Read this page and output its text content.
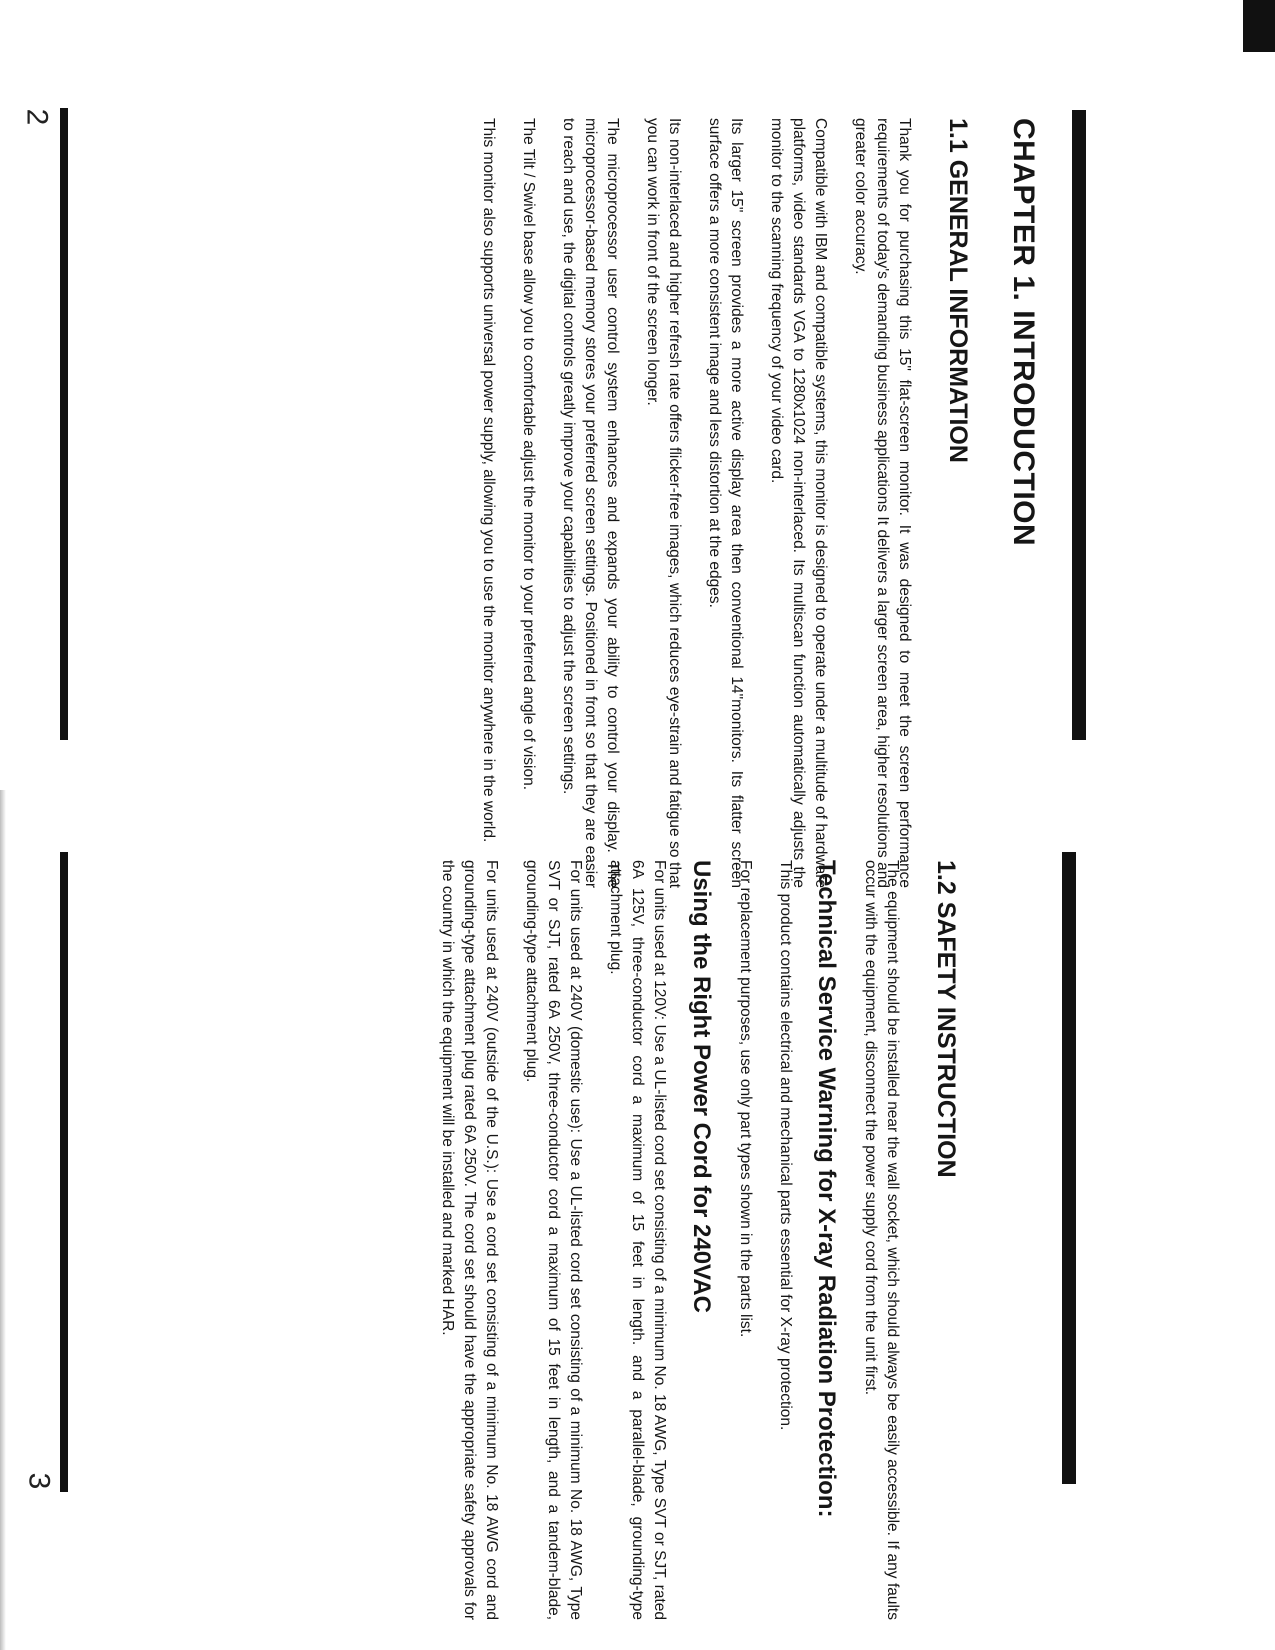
2
3
CHAPTER 1. INTRODUCTION
1.1 GENERAL INFORMATION

Thank you for purchasing this 15" flat-screen monitor. It was designed to meet the screen performance requirements of today's demanding business applications It delivers a larger screen area, higher resolutions and greater color accuracy.

Compatible with IBM and compatible systems, this monitor is designed to operate under a multitude of hardware platforms, video standards VGA to 1280x1024 non-interlaced. Its multiscan function automatically adjusts the monitor to the scanning frequency of your video card.

Its larger 15" screen provides a more active display area then conventional 14"monitors. Its flatter screen surface offers a more consistent image and less distortion at the edges.

Its non-interlaced and higher refresh rate offers flicker-free images, which reduces eye-strain and fatigue so that you can work in front of the screen longer.

The microprocessor user control system enhances and expands your ability to control your display. The microprocessor-based memory stores your preferred screen settings. Positioned in front so that they are easier to reach and use, the digital controls greatly improve your capabilities to adjust the screen settings.

The Tilt / Swivel base allow you to comfortable adjust the monitor to your preferred angle of vision.

This monitor also supports universal power supply, allowing you to use the monitor anywhere in the world.

1.2 SAFETY INSTRUCTION

The equipment should be installed near the wall socket, which should always be easily accessible. If any faults occur with the equipment, disconnect the power supply cord from the unit first.

Technical Service Warning for X-ray Radiation Protection:

This product contains electrical and mechanical parts essential for X-ray protection.

For replacement purposes, use only part types shown in the parts list.

Using the Right Power Cord for 240VAC

For units used at 120V: Use a UL-listed cord set consisting of a minimum No. 18 AWG, Type SVT or SJT, rated 6A 125V, three-conductor cord a maximum of 15 feet in length. and a parallel-blade, grounding-type attachment plug.

For units used at 240V (domestic use): Use a UL-listed cord set consisting of a minimum No. 18 AWG, Type SVT or SJT, rated 6A 250V, three-conductor cord a maximum of 15 feet in length, and a tandem-blade, grounding-type attachment plug.

For units used at 240V (outside of the U.S.): Use a cord set consisting of a minimum No. 18 AWG cord and grounding-type attachment plug rated 6A 250V. The cord set should have the appropriate safety approvals for the country in which the equipment will be installed and marked HAR.
